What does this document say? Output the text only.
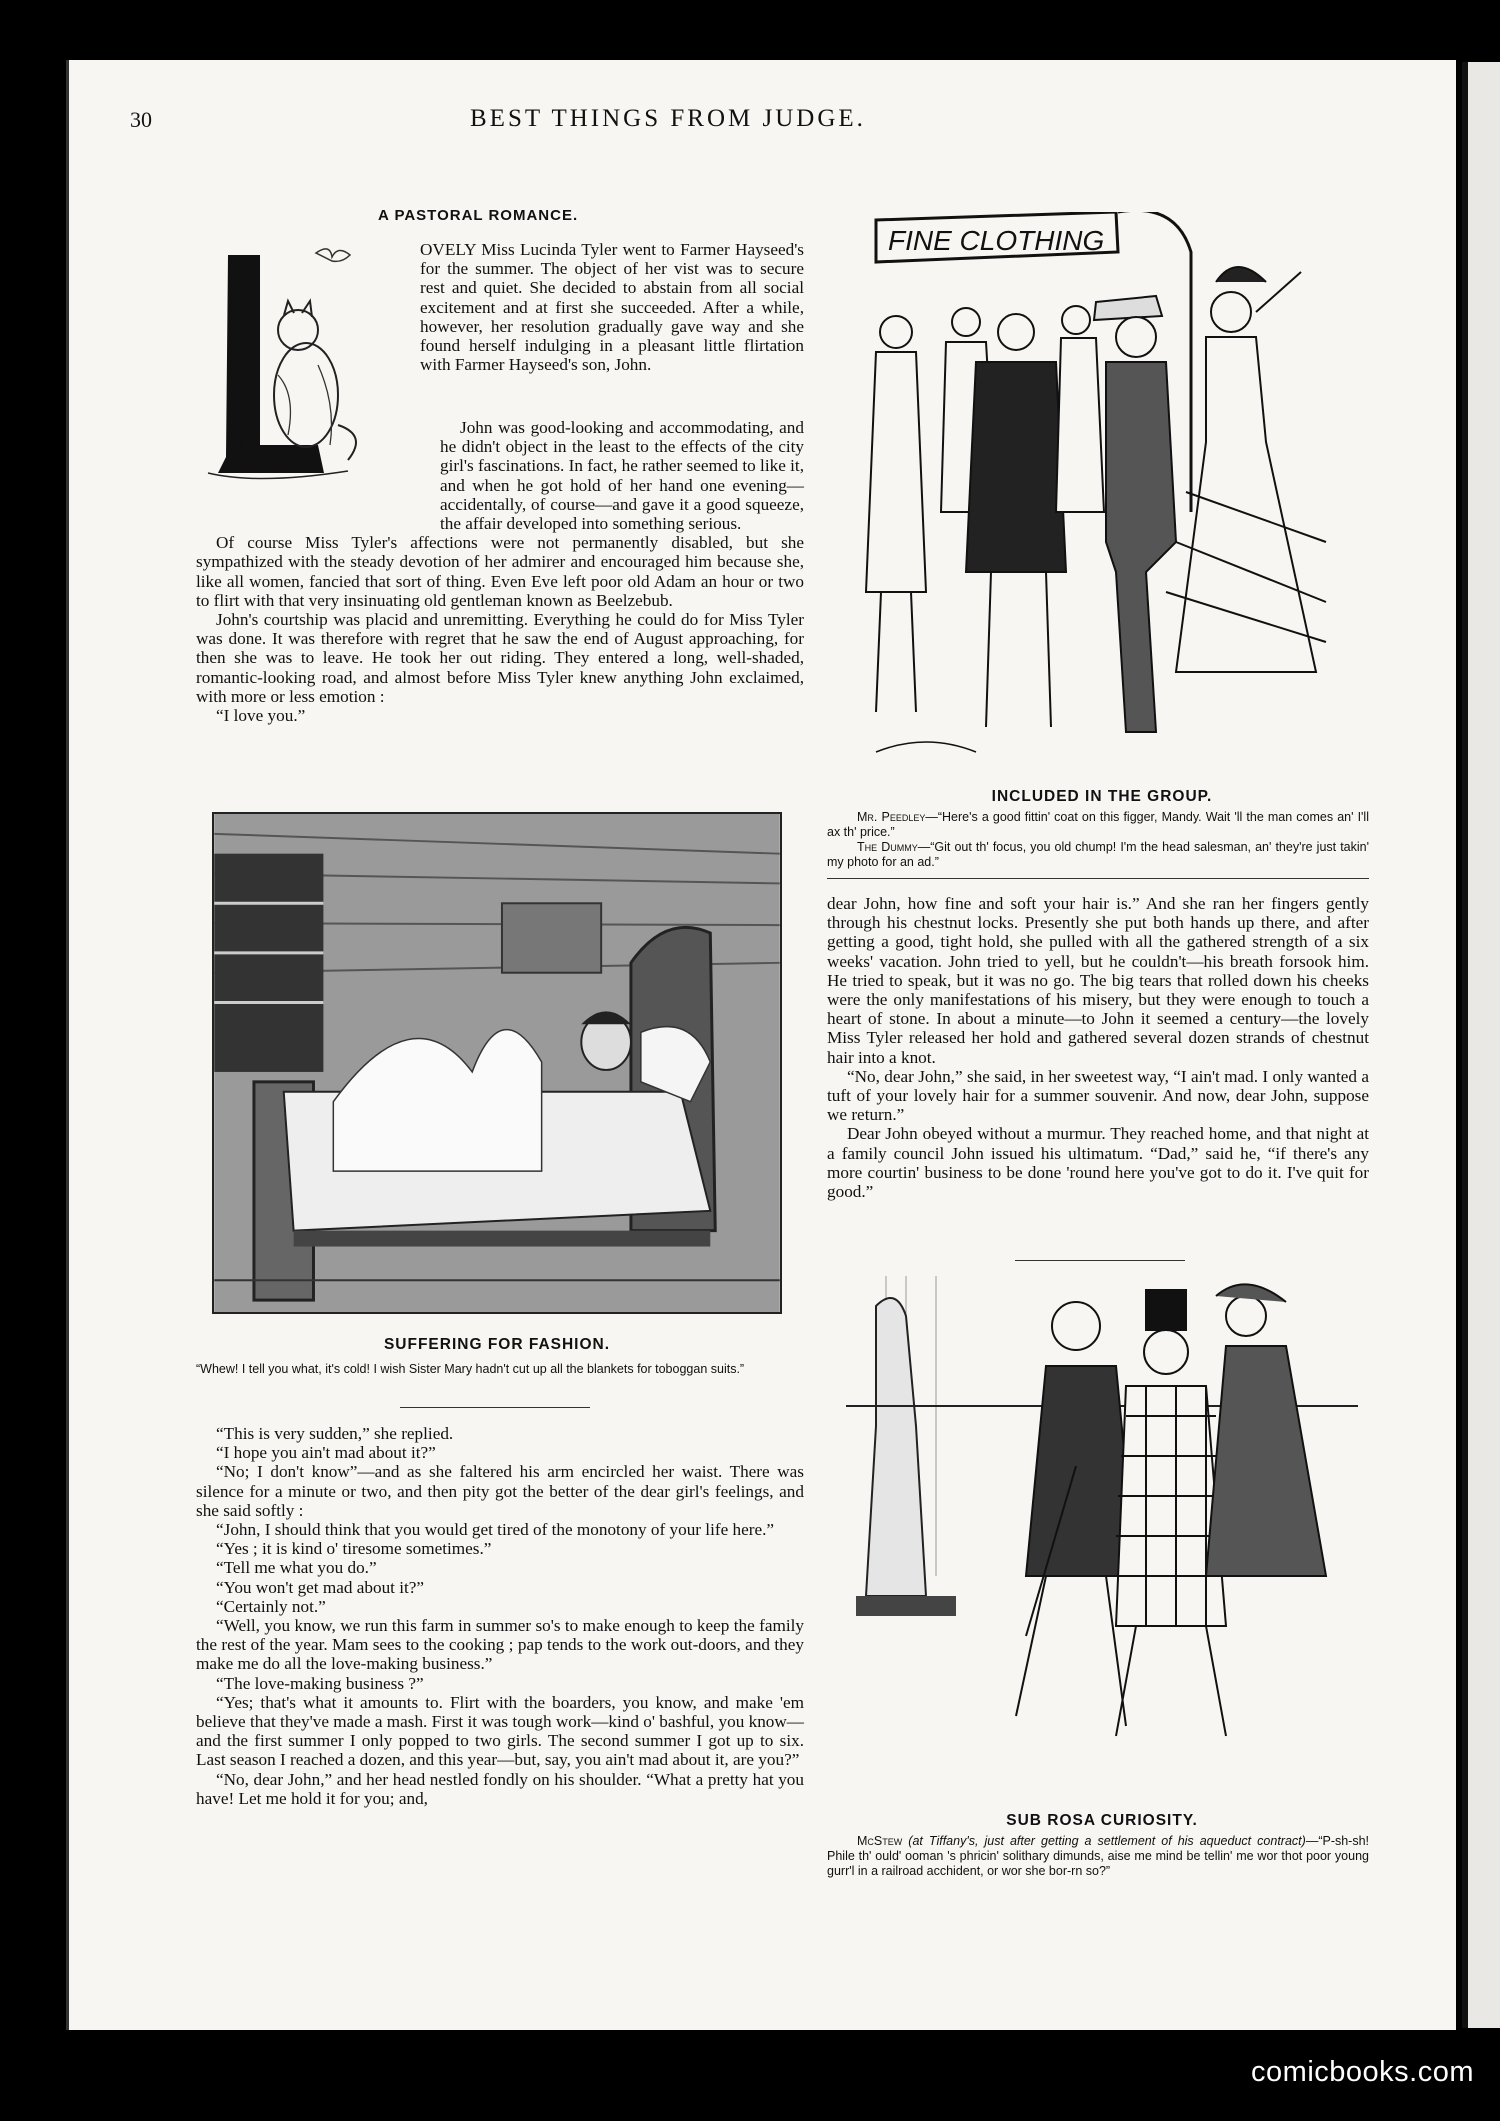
30	BEST THINGS FROM JUDGE.
A PASTORAL ROMANCE.
L

OVELY Miss Lucinda Tyler went to Farmer Hayseed's for the summer. The object of her vist was to secure rest and quiet. She decided to abstain from all social excitement and at first she succeeded. After a while, however, her resolution gradually gave way and she found herself indulging in a pleasant little flirtation with Farmer Hayseed's son, John.

John was good-looking and accommodating, and he didn't object in the least to the effects of the city girl's fascinations. In fact, he rather seemed to like it, and when he got hold of her hand one evening—accidentally, of course—and gave it a good squeeze, the affair developed into something serious.

Of course Miss Tyler's affections were not permanently disabled, but she sympathized with the steady devotion of her admirer and encouraged him because she, like all women, fancied that sort of thing. Even Eve left poor old Adam an hour or two to flirt with that very insinuating old gentleman known as Beelzebub.

John's courtship was placid and unremitting. Everything he could do for Miss Tyler was done. It was therefore with regret that he saw the end of August approaching, for then she was to leave. He took her out riding. They entered a long, well-shaded, romantic-looking road, and almost before Miss Tyler knew anything John exclaimed, with more or less emotion :

“I love you.”

SUFFERING FOR FASHION.
“Whew! I tell you what, it's cold! I wish Sister Mary hadn't cut up all the blankets for toboggan suits.”

“This is very sudden,” she replied.

“I hope you ain't mad about it?”

“No; I don't know”—and as she faltered his arm encircled her waist. There was silence for a minute or two, and then pity got the better of the dear girl's feelings, and she said softly :

“John, I should think that you would get tired of the monotony of your life here.”

“Yes ; it is kind o' tiresome sometimes.”

“Tell me what you do.”

“You won't get mad about it?”

“Certainly not.”

“Well, you know, we run this farm in summer so's to make enough to keep the family the rest of the year. Mam sees to the cooking ; pap tends to the work out-doors, and they make me do all the love-making business.”

“The love-making business ?”

“Yes; that's what it amounts to. Flirt with the boarders, you know, and make 'em believe that they've made a mash. First it was tough work—kind o' bashful, you know—and the first summer I only popped to two girls. The second summer I got up to six. Last season I reached a dozen, and this year—but, say, you ain't mad about it, are you?”

“No, dear John,” and her head nestled fondly on his shoulder. “What a pretty hat you have! Let me hold it for you; and,

FINE CLOTHING
INCLUDED IN THE GROUP.
Mr. Peedley—“Here's a good fittin' coat on this figger, Mandy. Wait 'll the man comes an' I'll ax th' price.”
The Dummy—“Git out th' focus, you old chump! I'm the head salesman, an' they're just takin' my photo for an ad.”

dear John, how fine and soft your hair is.” And she ran her fingers gently through his chestnut locks. Presently she put both hands up there, and after getting a good, tight hold, she pulled with all the gathered strength of a six weeks' vacation. John tried to yell, but he couldn't—his breath forsook him. He tried to speak, but it was no go. The big tears that rolled down his cheeks were the only manifestations of his misery, but they were enough to touch a heart of stone. In about a minute—to John it seemed a century—the lovely Miss Tyler released her hold and gathered several dozen strands of chestnut hair into a knot.

“No, dear John,” she said, in her sweetest way, “I ain't mad. I only wanted a tuft of your lovely hair for a summer souvenir. And now, dear John, suppose we return.”

Dear John obeyed without a murmur. They reached home, and that night at a family council John issued his ultimatum. “Dad,” said he, “if there's any more courtin' business to be done 'round here you've got to do it. I've quit for good.”

SUB ROSA CURIOSITY.
McStew (at Tiffany's, just after getting a settlement of his aqueduct contract)—“P-sh-sh! Phile th' ould' ooman 's phricin' solithary dimunds, aise me mind be tellin' me wor thot poor young gurr'l in a railroad acchident, or wor she bor-rn so?”
comicbooks.com
